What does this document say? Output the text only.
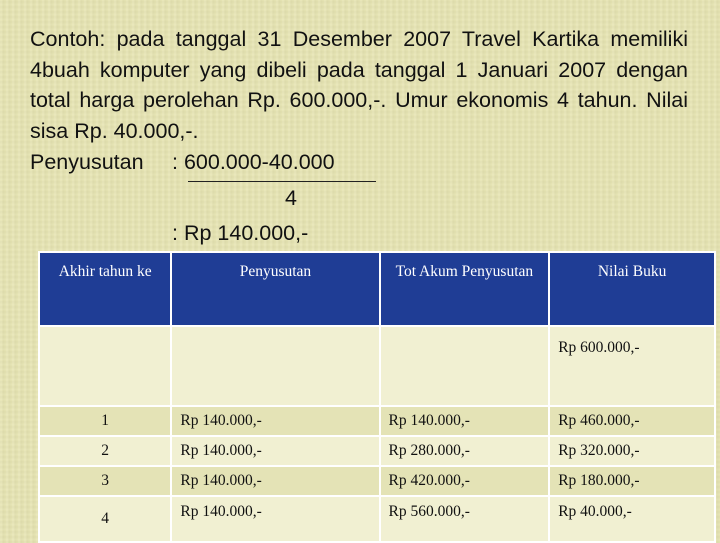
Contoh: pada tanggal 31 Desember 2007 Travel Kartika memiliki 4buah komputer yang dibeli pada tanggal 1 Januari 2007 dengan total harga perolehan Rp. 600.000,-. Umur ekonomis 4 tahun. Nilai sisa Rp. 40.000,-.

Penyusutan : 600.000-40.000
4
: Rp 140.000,-
Akhir tahun ke	Penyusutan	Tot Akum Penyusutan	Nilai Buku
			Rp 600.000,-
1	Rp 140.000,-	Rp 140.000,-	Rp 460.000,-
2	Rp 140.000,-	Rp 280.000,-	Rp 320.000,-
3	Rp 140.000,-	Rp 420.000,-	Rp 180.000,-
4	Rp 140.000,-	Rp 560.000,-	Rp 40.000,-
